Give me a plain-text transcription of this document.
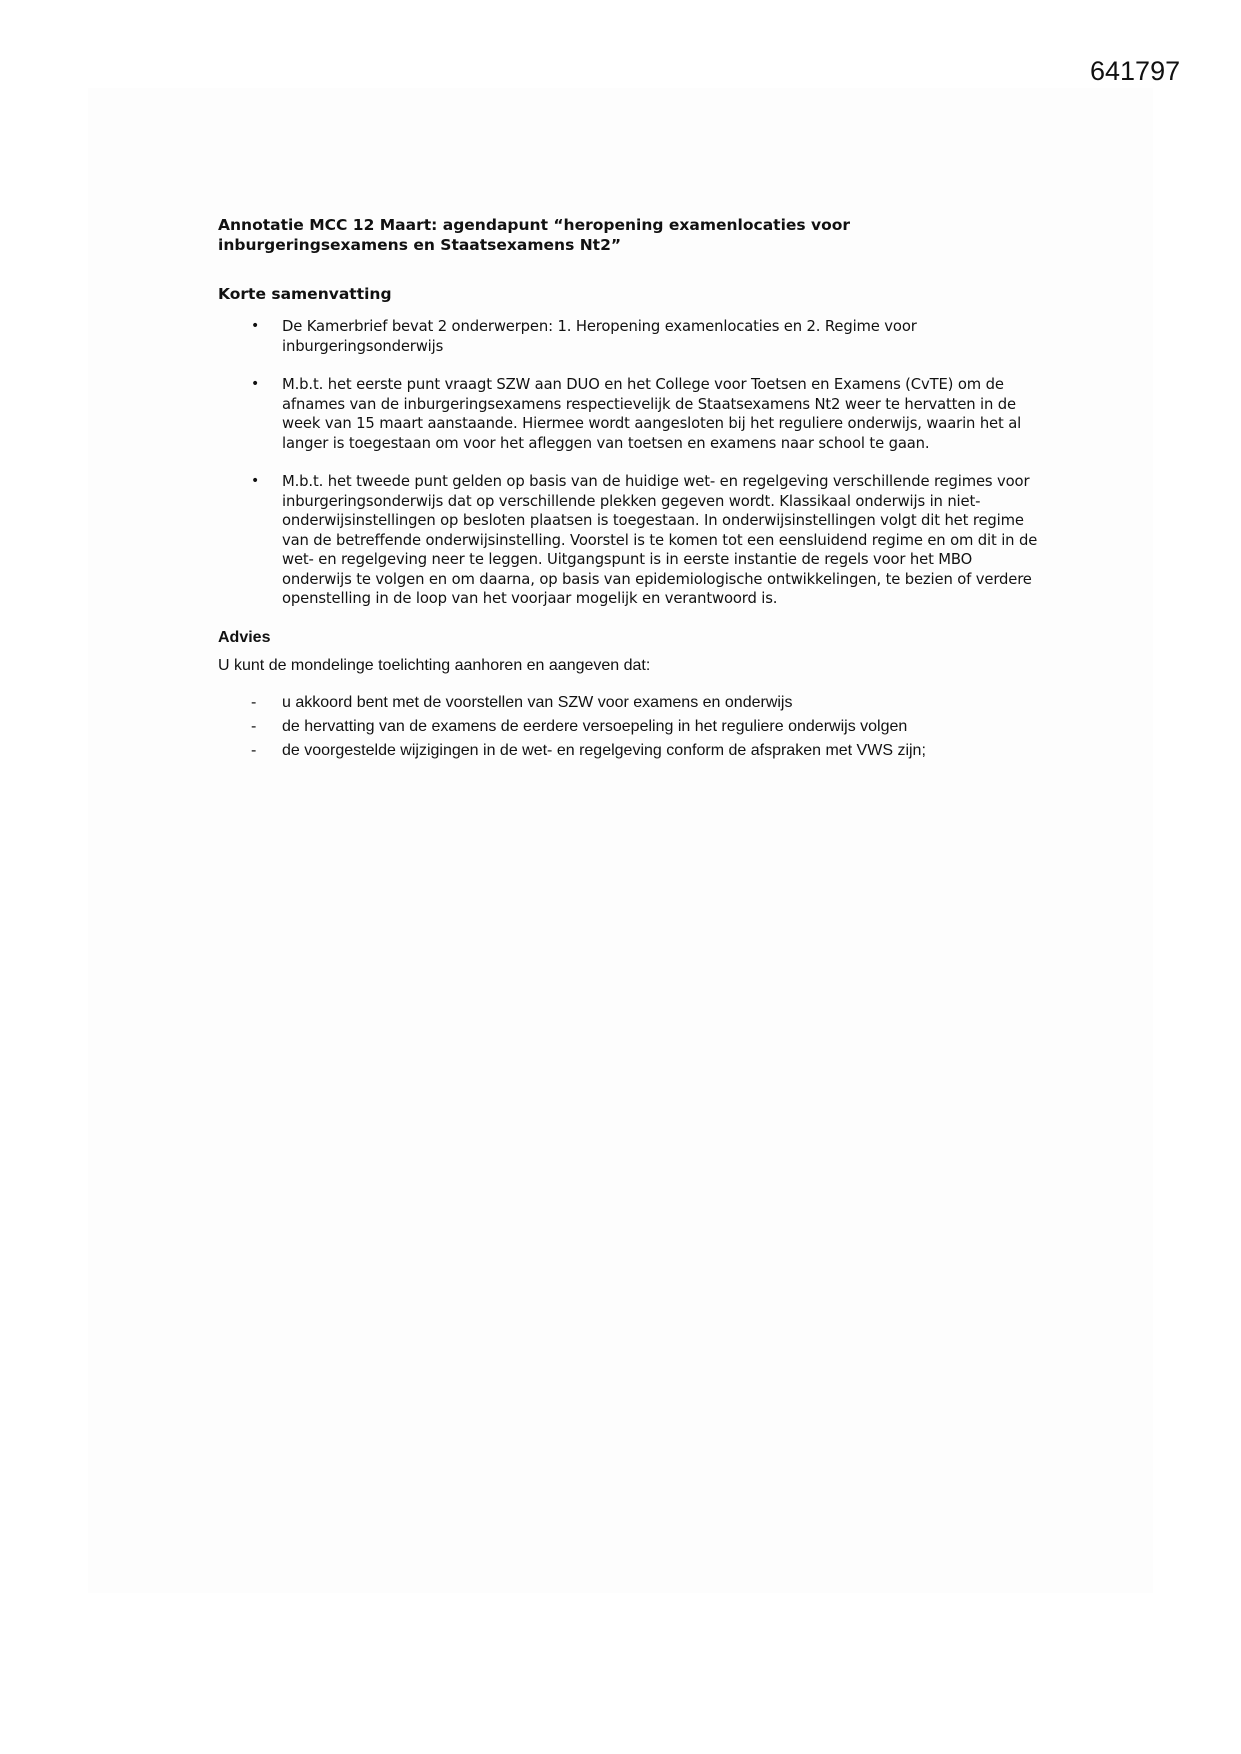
641797
Annotatie MCC 12 Maart: agendapunt “heropening examenlocaties voor
inburgeringsexamens en Staatsexamens Nt2”
Korte samenvatting
• De Kamerbrief bevat 2 onderwerpen: 1. Heropening examenlocaties en 2. Regime voor inburgeringsonderwijs
• M.b.t. het eerste punt vraagt SZW aan DUO en het College voor Toetsen en Examens (CvTE) om de afnames van de inburgeringsexamens respectievelijk de Staatsexamens Nt2 weer te hervatten in de week van 15 maart aanstaande. Hiermee wordt aangesloten bij het reguliere onderwijs, waarin het al langer is toegestaan om voor het afleggen van toetsen en examens naar school te gaan.
• M.b.t. het tweede punt gelden op basis van de huidige wet- en regelgeving verschillende regimes voor inburgeringsonderwijs dat op verschillende plekken gegeven wordt. Klassikaal onderwijs in niet-onderwijsinstellingen op besloten plaatsen is toegestaan. In onderwijsinstellingen volgt dit het regime van de betreffende onderwijsinstelling. Voorstel is te komen tot een eensluidend regime en om dit in de wet- en regelgeving neer te leggen. Uitgangspunt is in eerste instantie de regels voor het MBO onderwijs te volgen en om daarna, op basis van epidemiologische ontwikkelingen, te bezien of verdere openstelling in de loop van het voorjaar mogelijk en verantwoord is.
Advies

U kunt de mondelinge toelichting aanhoren en aangeven dat:

- u akkoord bent met de voorstellen van SZW voor examens en onderwijs
- de hervatting van de examens de eerdere versoepeling in het reguliere onderwijs volgen
- de voorgestelde wijzigingen in de wet- en regelgeving conform de afspraken met VWS zijn;
